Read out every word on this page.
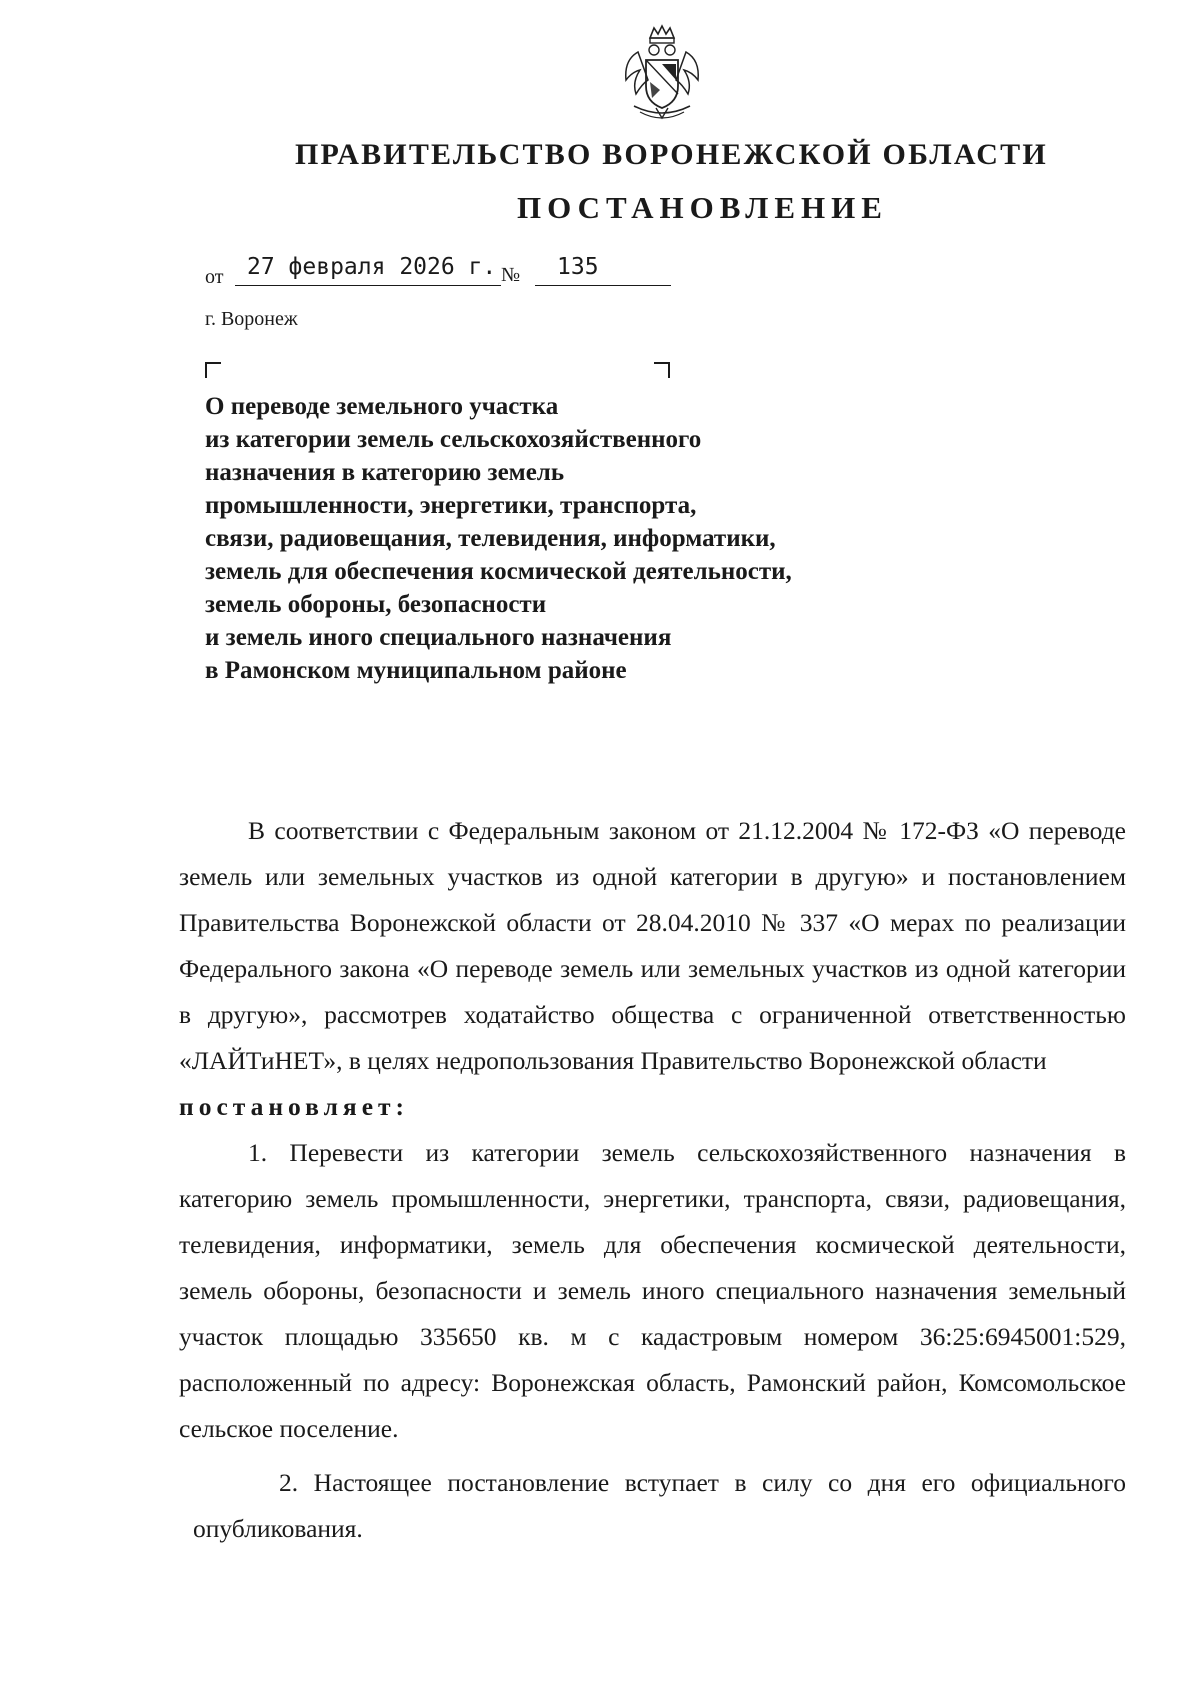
ПРАВИТЕЛЬСТВО ВОРОНЕЖСКОЙ ОБЛАСТИ
ПОСТАНОВЛЕНИЕ
от	27 февраля 2026 г. №	135
г. Воронеж
О переводе земельного участка
из категории земель сельскохозяйственного
назначения в категорию земель
промышленности, энергетики, транспорта,
связи, радиовещания, телевидения, информатики,
земель для обеспечения космической деятельности,
земель обороны, безопасности
и земель иного специального назначения
в Рамонском муниципальном районе

В соответствии с Федеральным законом от 21.12.2004 № 172-ФЗ «О переводе земель или земельных участков из одной категории в другую» и постановлением Правительства Воронежской области от 28.04.2010 № 337 «О мерах по реализации Федерального закона «О переводе земель или земельных участков из одной категории в другую», рассмотрев ходатайство общества с ограниченной ответственностью «ЛАЙТиНЕТ», в целях недропользования Правительство Воронежской области

постановляет:

1. Перевести из категории земель сельскохозяйственного назначения в категорию земель промышленности, энергетики, транспорта, связи, радиовещания, телевидения, информатики, земель для обеспечения космической деятельности, земель обороны, безопасности и земель иного специального назначения земельный участок площадью 335650 кв. м с кадастровым номером 36:25:6945001:529, расположенный по адресу: Воронежская область, Рамонский район, Комсомольское сельское поселение.

2. Настоящее постановление вступает в силу со дня его официального опубликования.
